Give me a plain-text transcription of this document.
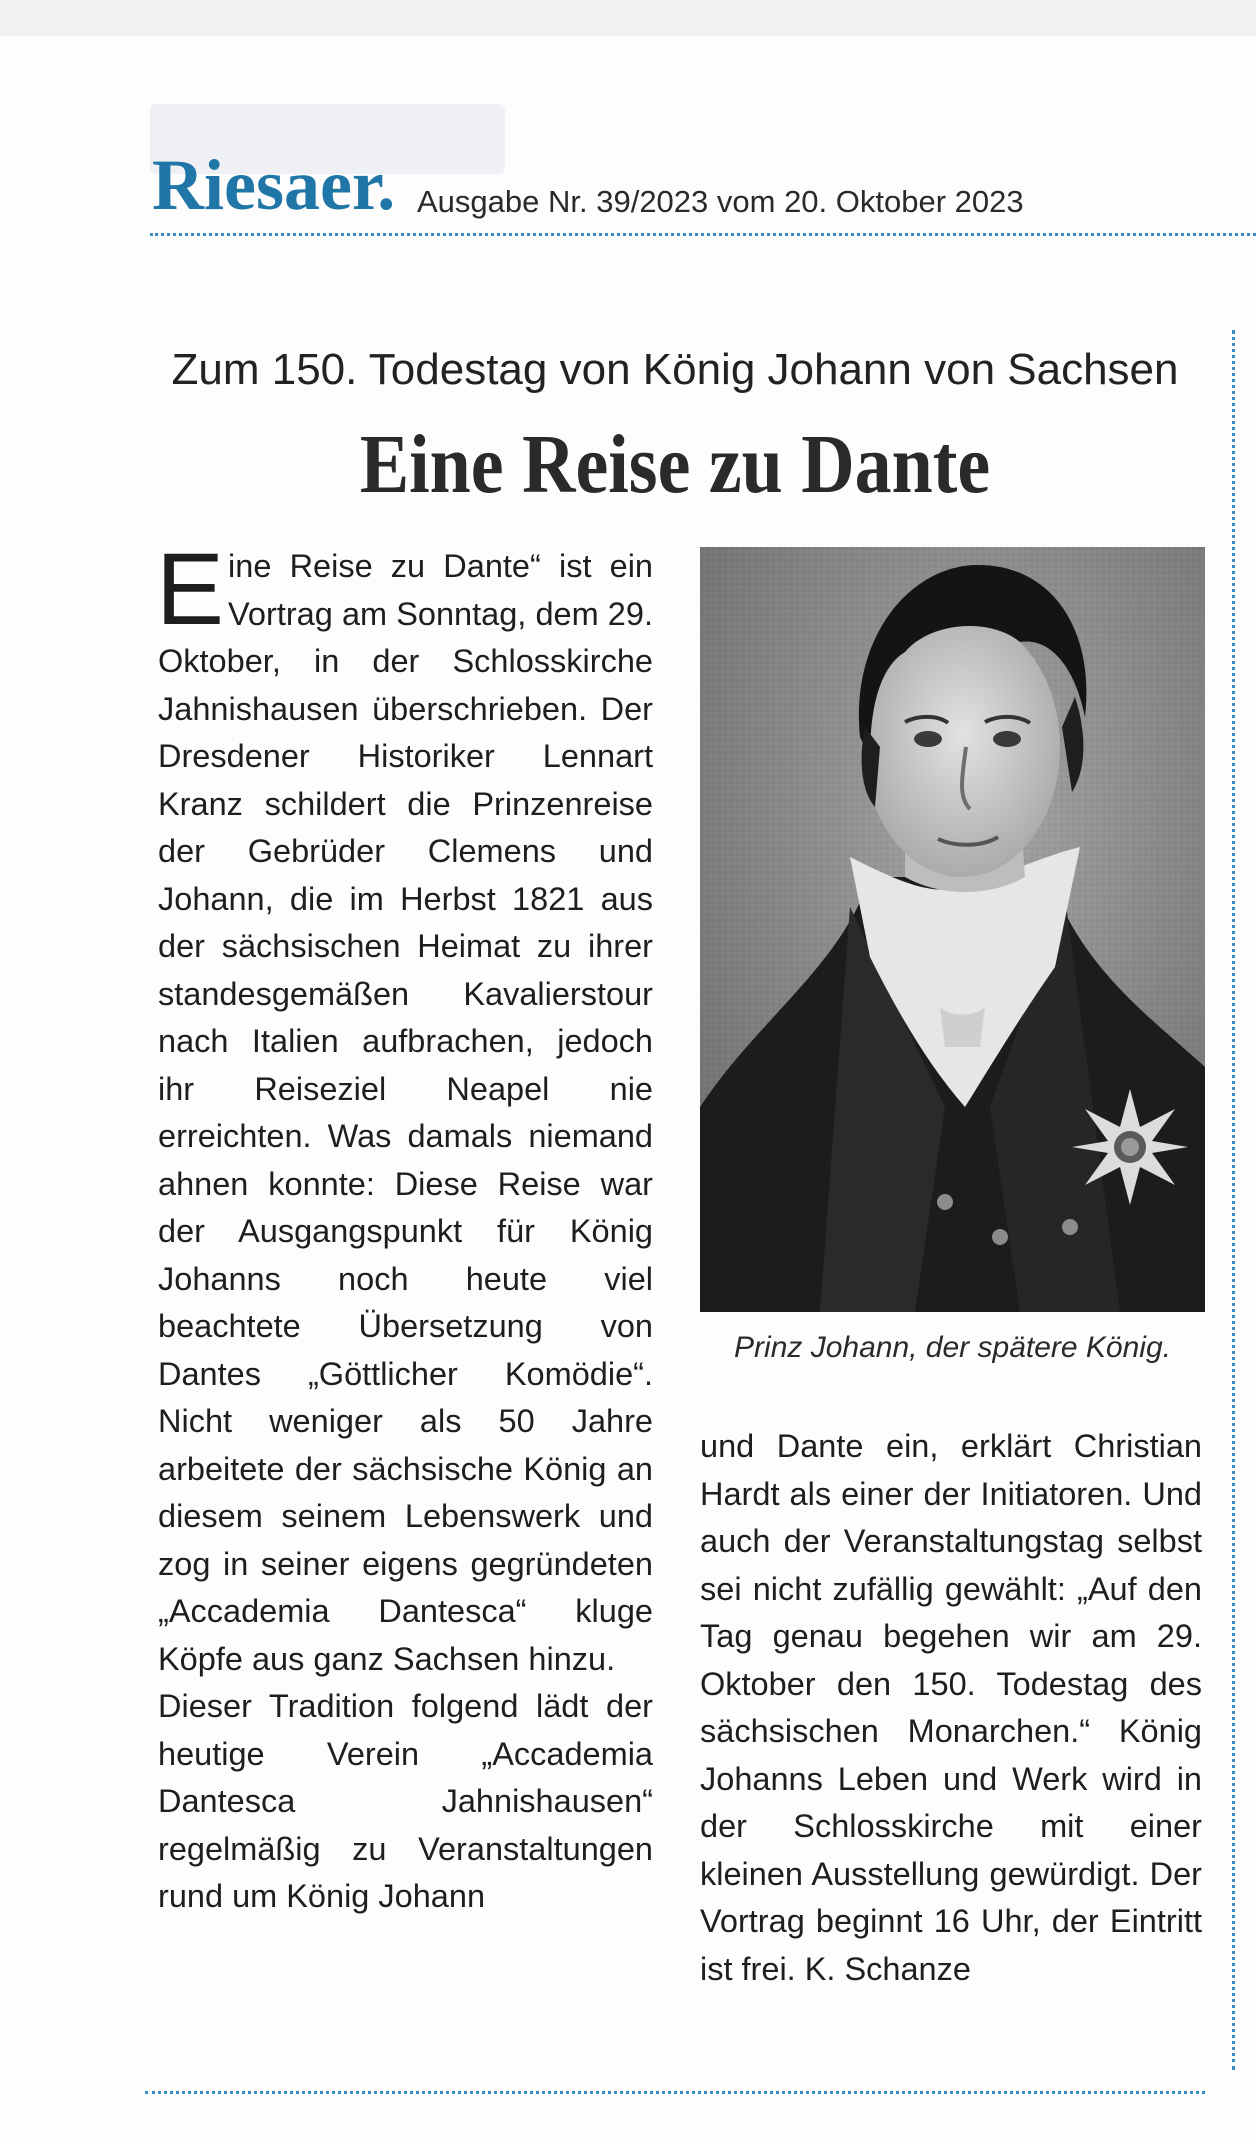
Riesaer. Ausgabe Nr. 39/2023 vom 20. Oktober 2023
Zum 150. Todestag von König Johann von Sachsen
Eine Reise zu Dante

Eine Reise zu Dante“ ist ein Vortrag am Sonntag, dem 29. Oktober, in der Schlosskirche Jahnishausen überschrieben. Der Dresdener Historiker Lennart Kranz schildert die Prinzenreise der Gebrüder Clemens und Johann, die im Herbst 1821 aus der sächsischen Heimat zu ihrer standesgemäßen Kavalierstour nach Italien aufbrachen, jedoch ihr Reiseziel Neapel nie erreichten. Was damals niemand ahnen konnte: Diese Reise war der Ausgangspunkt für König Johanns noch heute viel beachtete Übersetzung von Dantes „Göttlicher Komödie“. Nicht weniger als 50 Jahre arbeitete der sächsische König an diesem seinem Lebenswerk und zog in seiner eigens gegründeten „Accademia Dantesca“ kluge Köpfe aus ganz Sachsen hinzu.

Dieser Tradition folgend lädt der heutige Verein „Accademia Dantesca Jahnishausen“ regelmäßig zu Veranstaltungen rund um König Johann

Prinz Johann, der spätere König.

und Dante ein, erklärt Christian Hardt als einer der Initiatoren. Und auch der Veranstaltungstag selbst sei nicht zufällig gewählt: „Auf den Tag genau begehen wir am 29. Oktober den 150. Todestag des sächsischen Monarchen.“ König Johanns Leben und Werk wird in der Schlosskirche mit einer kleinen Ausstellung gewürdigt. Der Vortrag beginnt 16 Uhr, der Eintritt ist frei. K. Schanze
